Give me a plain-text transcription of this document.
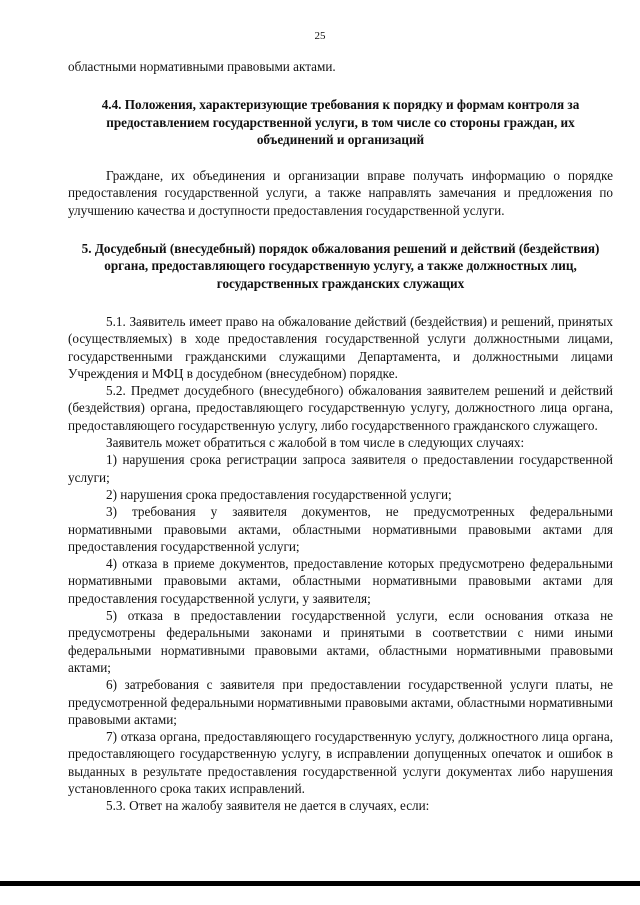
25

областными нормативными правовыми актами.

4.4. Положения, характеризующие требования к порядку и формам контроля за предоставлением государственной услуги, в том числе со стороны граждан, их объединений и организаций

Граждане, их объединения и организации вправе получать информацию о порядке предоставления государственной услуги, а также направлять замечания и предложения по улучшению качества и доступности предоставления государственной услуги.

5. Досудебный (внесудебный) порядок обжалования решений и действий (бездействия) органа, предоставляющего государственную услугу, а также должностных лиц, государственных гражданских служащих

5.1. Заявитель имеет право на обжалование действий (бездействия) и решений, принятых (осуществляемых) в ходе предоставления государственной услуги должностными лицами, государственными гражданскими служащими Департамента, и должностными лицами Учреждения и МФЦ в досудебном (внесудебном) порядке.

5.2. Предмет досудебного (внесудебного) обжалования заявителем решений и действий (бездействия) органа, предоставляющего государственную услугу, должностного лица органа, предоставляющего государственную услугу, либо государственного гражданского служащего.

Заявитель может обратиться с жалобой в том числе в следующих случаях:

1) нарушения срока регистрации запроса заявителя о предоставлении государственной услуги;

2) нарушения срока предоставления государственной услуги;

3) требования у заявителя документов, не предусмотренных федеральными нормативными правовыми актами, областными нормативными правовыми актами для предоставления государственной услуги;

4) отказа в приеме документов, предоставление которых предусмотрено федеральными нормативными правовыми актами, областными нормативными правовыми актами для предоставления государственной услуги, у заявителя;

5) отказа в предоставлении государственной услуги, если основания отказа не предусмотрены федеральными законами и принятыми в соответствии с ними иными федеральными нормативными правовыми актами, областными нормативными правовыми актами;

6) затребования с заявителя при предоставлении государственной услуги платы, не предусмотренной федеральными нормативными правовыми актами, областными нормативными правовыми актами;

7) отказа органа, предоставляющего государственную услугу, должностного лица органа, предоставляющего государственную услугу, в исправлении допущенных опечаток и ошибок в выданных в результате предоставления государственной услуги документах либо нарушения установленного срока таких исправлений.

5.3. Ответ на жалобу заявителя не дается в случаях, если:
